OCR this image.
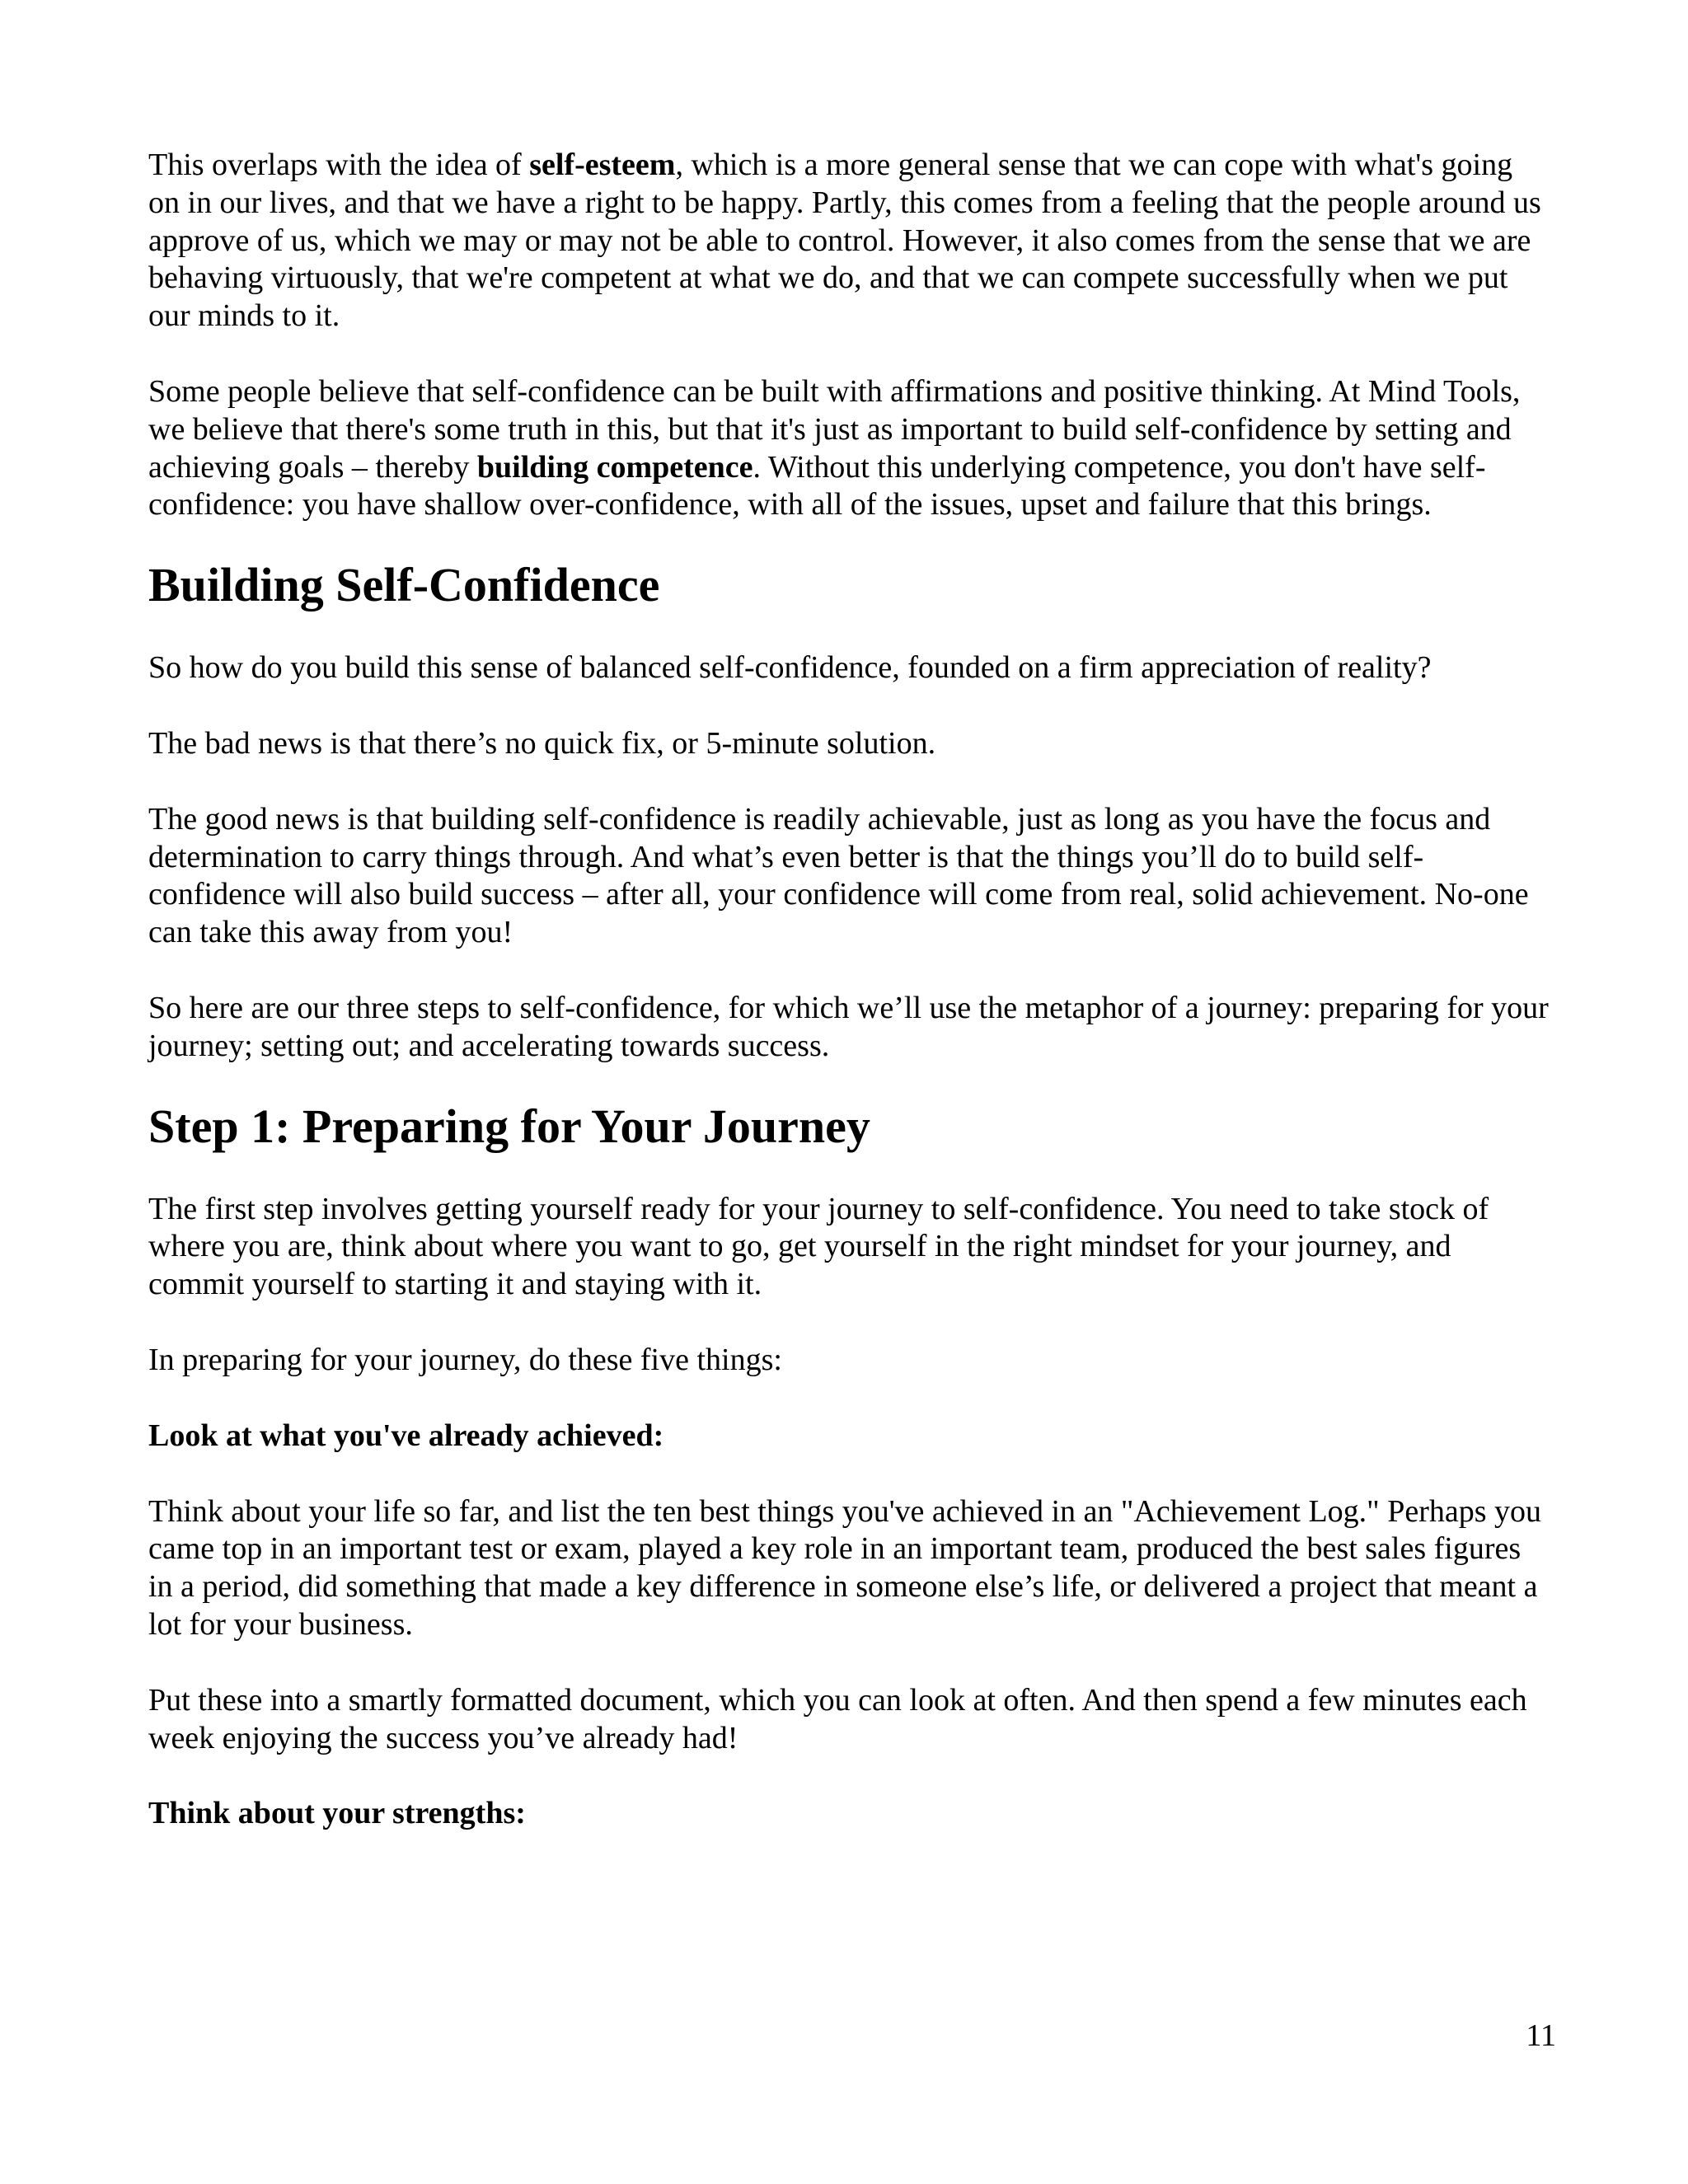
This overlaps with the idea of self-esteem, which is a more general sense that we can cope with what's going on in our lives, and that we have a right to be happy. Partly, this comes from a feeling that the people around us approve of us, which we may or may not be able to control. However, it also comes from the sense that we are behaving virtuously, that we're competent at what we do, and that we can compete successfully when we put our minds to it.

Some people believe that self-confidence can be built with affirmations and positive thinking. At Mind Tools, we believe that there's some truth in this, but that it's just as important to build self-confidence by setting and achieving goals – thereby building competence. Without this underlying competence, you don't have self-confidence: you have shallow over-confidence, with all of the issues, upset and failure that this brings.

Building Self-Confidence

So how do you build this sense of balanced self-confidence, founded on a firm appreciation of reality?

The bad news is that there’s no quick fix, or 5-minute solution.

The good news is that building self-confidence is readily achievable, just as long as you have the focus and determination to carry things through. And what’s even better is that the things you’ll do to build self-confidence will also build success – after all, your confidence will come from real, solid achievement. No-one can take this away from you!

So here are our three steps to self-confidence, for which we’ll use the metaphor of a journey: preparing for your journey; setting out; and accelerating towards success.

Step 1: Preparing for Your Journey

The first step involves getting yourself ready for your journey to self-confidence. You need to take stock of where you are, think about where you want to go, get yourself in the right mindset for your journey, and commit yourself to starting it and staying with it.

In preparing for your journey, do these five things:

Look at what you've already achieved:

Think about your life so far, and list the ten best things you've achieved in an "Achievement Log." Perhaps you came top in an important test or exam, played a key role in an important team, produced the best sales figures in a period, did something that made a key difference in someone else’s life, or delivered a project that meant a lot for your business.

Put these into a smartly formatted document, which you can look at often. And then spend a few minutes each week enjoying the success you’ve already had!

Think about your strengths:

11
